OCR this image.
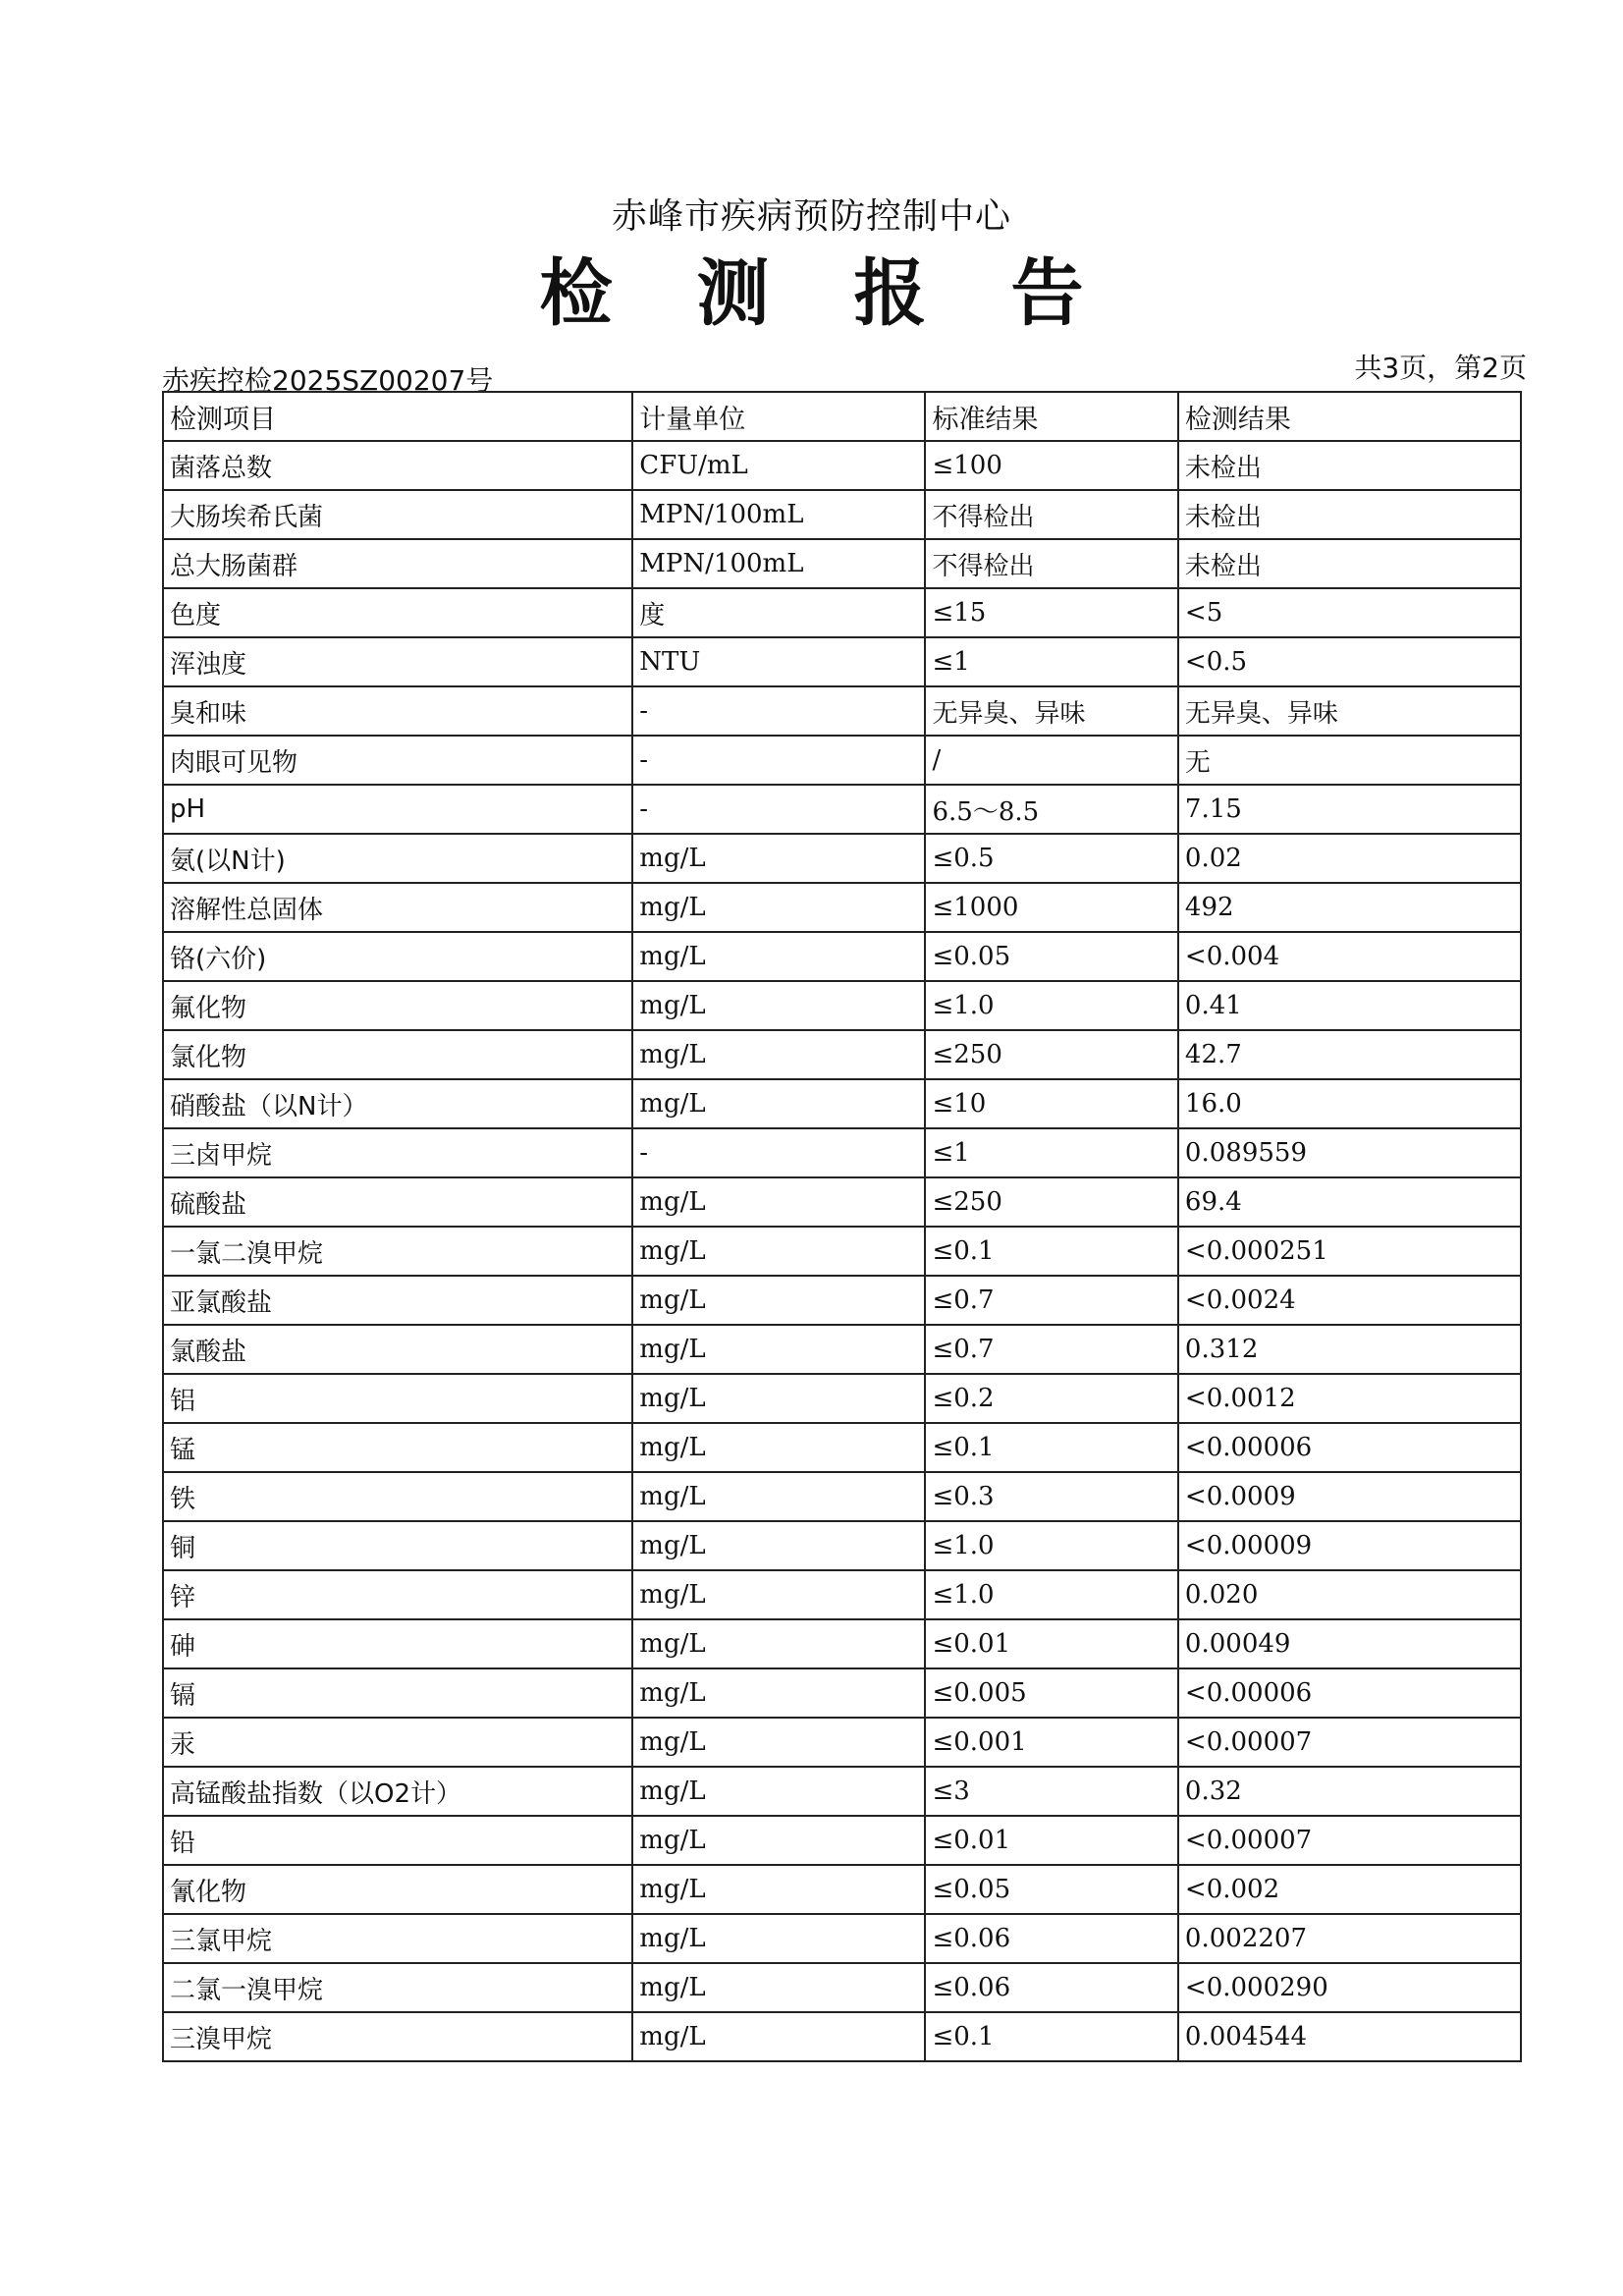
赤峰市疾病预防控制中心
检测报告
赤疾控检2025SZ00207号	共3页，第2页
检测项目	计量单位	标准结果	检测结果
菌落总数	CFU/mL	≤100	未检出
大肠埃希氏菌	MPN/100mL	不得检出	未检出
总大肠菌群	MPN/100mL	不得检出	未检出
色度	度	≤15	<5
浑浊度	NTU	≤1	<0.5
臭和味	-	无异臭、异味	无异臭、异味
肉眼可见物	-	/	无
pH	-	6.5～8.5	7.15
氨(以N计)	mg/L	≤0.5	0.02
溶解性总固体	mg/L	≤1000	492
铬(六价)	mg/L	≤0.05	<0.004
氟化物	mg/L	≤1.0	0.41
氯化物	mg/L	≤250	42.7
硝酸盐（以N计）	mg/L	≤10	16.0
三卤甲烷	-	≤1	0.089559
硫酸盐	mg/L	≤250	69.4
一氯二溴甲烷	mg/L	≤0.1	<0.000251
亚氯酸盐	mg/L	≤0.7	<0.0024
氯酸盐	mg/L	≤0.7	0.312
铝	mg/L	≤0.2	<0.0012
锰	mg/L	≤0.1	<0.00006
铁	mg/L	≤0.3	<0.0009
铜	mg/L	≤1.0	<0.00009
锌	mg/L	≤1.0	0.020
砷	mg/L	≤0.01	0.00049
镉	mg/L	≤0.005	<0.00006
汞	mg/L	≤0.001	<0.00007
高锰酸盐指数（以O2计）	mg/L	≤3	0.32
铅	mg/L	≤0.01	<0.00007
氰化物	mg/L	≤0.05	<0.002
三氯甲烷	mg/L	≤0.06	0.002207
二氯一溴甲烷	mg/L	≤0.06	<0.000290
三溴甲烷	mg/L	≤0.1	0.004544
